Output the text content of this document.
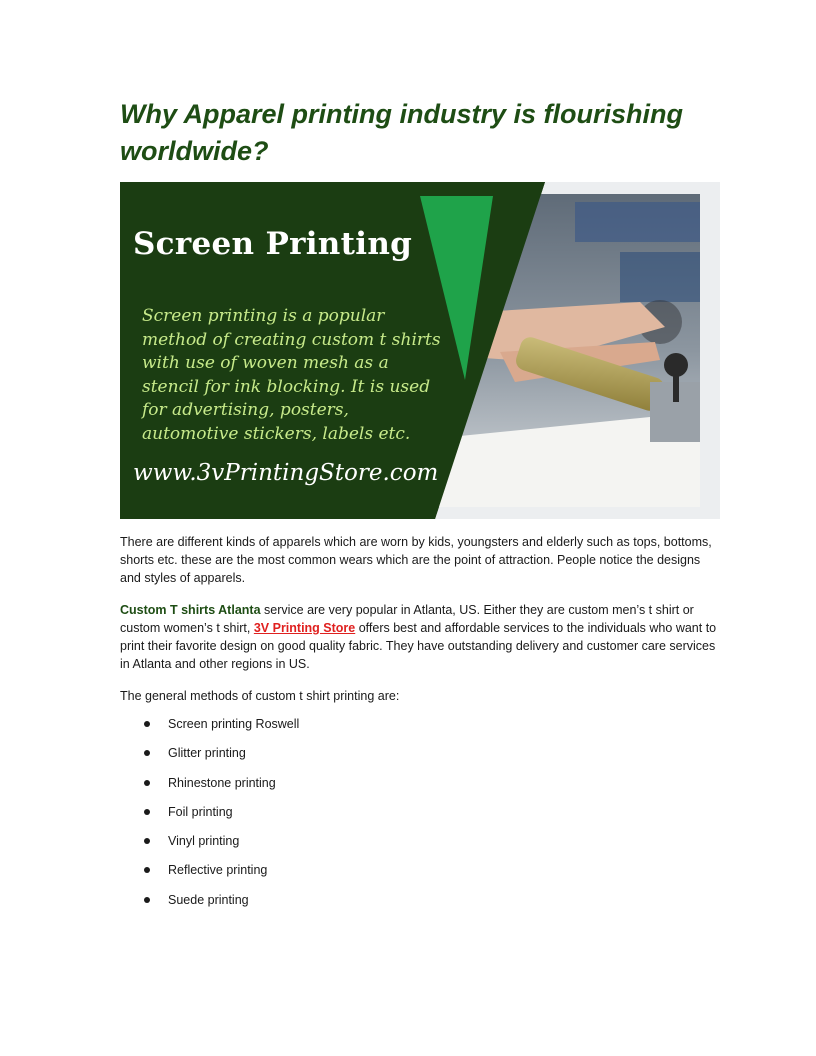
Why Apparel printing industry is flourishing worldwide?
Screen Printing
Screen printing is a popular method of creating custom t shirts with use of woven mesh as a stencil for ink blocking. It is used for advertising, posters, automotive stickers, labels etc.
www.3vPrintingStore.com

There are different kinds of apparels which are worn by kids, youngsters and elderly such as tops, bottoms, shorts etc. these are the most common wears which are the point of attraction. People notice the designs and styles of apparels.

Custom T shirts Atlanta service are very popular in Atlanta, US. Either they are custom men’s t shirt or custom women’s t shirt, 3V Printing Store offers best and affordable services to the individuals who want to print their favorite design on good quality fabric. They have outstanding delivery and customer care services in Atlanta and other regions in US.

The general methods of custom t shirt printing are:

Screen printing Roswell
Glitter printing
Rhinestone printing
Foil printing
Vinyl printing
Reflective printing
Suede printing
